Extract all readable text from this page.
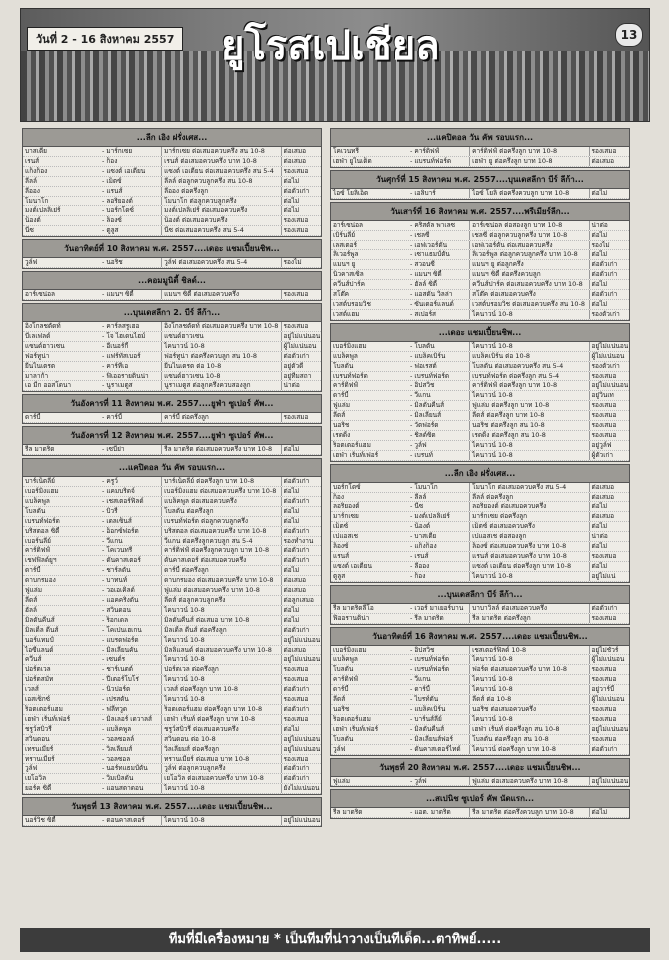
วันที่ 2 - 16 สิงหาคม 2557 ยูโรสเปเชียล	13
...ลีก เอิง ฝรั่งเศส...
บาสเตีย	- มาร์กเซย	มาร์กเซย ต่อเสมอควบครึ่ง สน 10-8	ต่อเสมอ
เรนส์	- ก็อง	เรนส์ ต่อเสมอควบครึ่ง บาท 10-8	ต่อเสมอ
แก็งก็อง	- แซงต์ เอเตียน	แซงต์ เอเตียน ต่อเสมอควบครึ่ง สน 5-4	รองเสมอ
ลีลล์	- เม็ตซ์	ลีลล์ ต่อลูกควบลูกครึ่ง สน 10-8	ต่อไม่
ลีออง	- แรนส์	ลีออง ต่อครึ่งลูก	ต่อตัวเก่า
โมนาโก	- ลอริยองต์	โมนาโก ต่อลูกควบลูกครึ่ง	ต่อไม่
มงต์เปลลิเย่ร์	- บอร์กโดซ์	มงต์เปลลิเย่ร์ ต่อเสมอควบครึ่ง	ต่อไม่
น็องต์	- ล็องซ์	น็องต์ ต่อเสมอควบครึ่ง	รองเสมอ
นีซ	- ตูลูส	นีซ ต่อเสมอควบครึ่ง สน 5-4	รองเสมอ
วันอาทิตย์ที่ 10 สิงหาคม พ.ศ. 2557....เดอะ แชมเปี้ยนชิพ...
วูล์ฟ	- นอริช	วูล์ฟ ต่อเสมอควบครึ่ง สน 5-4	รองไม่
...คอมมูนิตี้ ชิลด์...
อาร์เซน่อล	- แมนฯ ซิตี้	แมนฯ ซิตี้ ต่อเสมอควบครึ่ง	รองเสมอ
...บุนเดสลีกา 2. บีร์ ลีก้า...
อิงโกลชตัดท์	- คาร์ลสรูเฮอ	อิงโกลชตัดท์ ต่อเสมอควบครึ่ง บาท 10-8 รองเสมอ
บีเลเฟลด์	- โจ ไฮเดนไฮม์	แซนด์ฮาวเซน	อยู่ไม่แน่นอน
แซนด์ฮาวเซน	- อีเนอร์กี้	ไคนาวน์ 10-8	ผู้ไม่แน่นอน
ฟอร์ทูน่า	- แฟร์ทัสเบอร์	ฟอร์ทูน่า ต่อครึ่งควบลูก สน 10-8	ต่อตัวเก่า
ยีนไนเตรต	- คาร์ทีเอ	ยีนไนเตรต ต่อ 10-8	อยู่ตัวดี
มาลาก้า	- ฟิเออรายตินน่า	แซนด์ฮาวเซน 10-8	อยู่ทีมสถา
เอ มีก ออสโดนา	- นูราเมตูส	นูราเมตูส ต่อลูกครึ่งควบสองลูก	น่าต่อ
วันอังคารที่ 11 สิงหาคม พ.ศ. 2557....ยูฟ่า ซูเปอร์ คัพ...
ดาร์บี้	- คาร์บี้	คาร์บี้ ต่อครึ่งลูก	รองเสมอ
วันอังคารที่ 12 สิงหาคม พ.ศ. 2557....ยูฟ่า ซูเปอร์ คัพ...
รีล มาดริด	- เซบีย่า	รีล มาดริด ต่อเสมอควบครึ่ง บาท 10-8	ต่อไม่
...แคปิตอล วัน คัพ รอบแรก...
บาร์เน็ตลีย์	- ครูว์	บาร์เน็ตลีย์ ต่อครึ่งลูก บาท 10-8	ต่อตัวเก่า
เบอร์มิงแฮม	- แคมบริดจ์	เบอร์มิงแฮม ต่อเสมอควบครึ่ง บาท 10-8	ต่อไม่
แบล็คพูล	- เชสเตอร์ฟิลด์	แบล็คพูล ต่อเสมอควบครึ่ง	ต่อตัวเก่า
โบลตัน	- บิวรี่	โบลตัน ต่อครึ่งลูก	ต่อไม่
เบรนท์ฟอร์ด	- เดลเซ็นส์	เบรนท์ฟอร์ด ต่อลูกควบลูกครึ่ง	ต่อไม่
บริสตอล ซิตี้	- อ็อกซ์ฟอร์ด	บริสตอล ต่อเสมอควบครึ่ง บาท 10-8	ต่อตัวเก่า
เบอร์นลีย์	- วีแกน	วีแกน ต่อครึ่งลูกควบลูก สน 5-4	รองทำงาน
คาร์ดิฟฟ์	- โคเวนทรี	คาร์ดิฟฟ์ ต่อครึ่งลูกควบลูก บาท 10-8	ต่อตัวเก่า
เชฟฟิลด์ยูฯ	- ดันคาสเตอร์	ดันคาสเตอร์ ต่อเสมอควบครึ่ง	ต่อตัวเก่า
ดาร์บี้	- ชาร์ลตัน	ดาร์บี้ ต่อครึ่งลูก	ต่อไม่
ดาบกรมอง	- บาทนท์	ดาบกรมอง ต่อเสมอควบครึ่ง บาท 10-8	ต่อเสมอ
ฟูแล่ม	- วอเอเคิลด์	ฟูแล่ม ต่อเสมอควบครึ่ง บาท 10-8	ต่อเสมอ
ลีดส์	- แอคคริงตัน	ลีดส์ ต่อลูกควบลูกครึ่ง	ต่อลูกเสมอ
ฮัลล์	- สวินดอน	ไคนาวน์ 10-8	ต่อไม่
มิลตันคีนส์	- ร็อกเดล	มิลตันคีนส์ ต่อเสมอ บาท 10-8	ต่อไม่
มิลเดิ้ล ดีนส์	- โคเปนเฮเกน	มิลเดิ้ล ดีนส์ ต่อครึ่งลูก	ต่อตัวเก่า
นอร์แทมป์	- แบรดฟอร์ด	ไคนาวน์ 10-8	อยู่ไม่แน่นอน
ไอซีแลนด์	- มิลเลียนคัน	มิลลิแลนด์ ต่อเสมอควบครึ่ง บาท 10-8	ต่อเสมอ
ควีนส์	- เซนต์ร	ไคนาวน์ 10-8	อยู่ไม่แน่นอน
ปอร์ตเวล	- ชาร์เนตต์	ปอร์ตเวล ต่อครึ่งลูก	รองเสมอ
ปอร์ตสมัท	- ปีเตอร์โบโร่	ไคนาวน์ 10-8	รองเสมอ
เวลส์	- นิวปอร์ต	เวลส์ ต่อครึ่งลูก บาท 10-8	ต่อตัวเก่า
เอสเซ็กซ์	- เปรสตัน	ไคนาวน์ 10-8	รองเสมอ
ร็อตเตอร์แฮม	- ฟลีทวูด	ร็อตเตอร์แฮม ต่อครึ่งลูก บาท 10-8	ต่อตัวเก่า
เฮฟ่า เร้นท์เฟอร์	- มิลเลอร์ เดวาลส์	เฮฟ่า เร้นท์ ต่อครึ่งลูก บาท 10-8	รองเสมอ
ชรูว์สบิวรี่	- แบล็คพูล	ชรูว์สบิวรี่ ต่อเสมอควบครึ่ง	ต่อไม่
สวินดอน	- วอลซอลล์	สวินดอน ต่อ 10-8	อยู่ไม่แน่นอน
เทรนเมียร์	- วิลเลียมส์	วิลเลียมส์ ต่อครึ่งลูก	อยู่ไม่แน่นอน
ทรานเมียร์	- วอลซอล	ทรานเมียร์ ต่อเสมอ บาท 10-8	รองเสมอ
วูล์ฟ	- นอร์ทแธมป์ตัน	วูล์ฟ ต่อลูกควบลูกครึ่ง	ต่อตัวเก่า
เยโอวิล	- วิมเบิลดัน	เยโอวิล ต่อเสมอควบครึ่ง บาท 10-8	ต่อตัวเก่า
ยอร์ค ซิตี้	- แอนสตาดอน	ไคนาวน์ 10-8	ยังไม่แน่นอน
วันพุธที่ 13 สิงหาคม พ.ศ. 2557....เดอะ แชมเปี้ยนชิพ...
นอร์วิช ซิตี้	- ดอนคาสเตอร์	ไคนาวน์ 10-8	อยู่ไม่แน่นอน
...แคปิตอล วัน คัพ รอบแรก...
โคเวนทรี	- คาร์ดิฟฟ์	คาร์ดิฟฟ์ ต่อครึ่งลูก บาท 10-8	รองเสมอ
เฮฟ่า ยูไนเต็ด	- แบรนท์ฟอร์ด	เฮฟ่า ยู ต่อครึ่งลูก บาท 10-8	ต่อเสมอ
วันศุกร์ที่ 15 สิงหาคม พ.ศ. 2557....บุนเดสลีกา บีร์ ลีก้า...
ไอซ์ โยลิเอ็ด	- เอลิบาร์	ไอซ์ โยลิ ต่อครึ่งควบลูก บาท 10-8	ต่อไม่
วันเสาร์ที่ 16 สิงหาคม พ.ศ. 2557....พรีเมียร์ลีก...
อาร์เซน่อล	- คริสตัล พาเลซ	อาร์เซน่อล ต่อสองลูก บาท 10-8	น่าต่อ
เบิร์นลีย์	- เชลซี	เชลซี ต่อลูกควบลูกครึ่ง บาท 10-8	ต่อไม่
เลสเตอร์	- เอฟเวอร์ตัน	เอฟเวอร์ตัน ต่อเสมอควบครึ่ง	รองไม่
ลิเวอร์พูล	- เซาแธมป์ตัน	ลิเวอร์พูล ต่อลูกควบลูกครึ่ง บาท 10-8	ต่อไม่
แมนฯ ยู	- สวอนซี	แมนฯ ยู ต่อลูกครึ่ง	ต่อตัวเก่า
นิวคาสเซิล	- แมนฯ ซิตี้	แมนฯ ซิตี้ ต่อครึ่งควบลูก	ต่อตัวเก่า
ควีนส์ปาร์ค	- ฮัลล์ ซิตี้	ควีนส์ปาร์ค ต่อเสมอควบครึ่ง บาท 10-8	ต่อไม่
สโต๊ค	- แอสตัน วิลล่า	สโต๊ค ต่อเสมอควบครึ่ง	ต่อตัวเก่า
เวสต์บรอมวิช	- ซันเดอร์แลนด์	เวสต์บรอมวิช ต่อเสมอควบครึ่ง สน 10-8 ต่อไม่
เวสต์แฮม	- สเปอร์ส	ไคนาวน์ 10-8	รองตัวเก่า
...เดอะ แชมเปี้ยนชิพ...
เบอร์มิงแฮม	- โบลตัน	ไคนาวน์ 10-8	อยู่ไม่แน่นอน
แบล็คพูล	- แบล็คเบิร์น	แบล็คเบิร์น ต่อ 10-8	ผู้ไม่แน่นอน
โบลตัน	- ฟอเรสต์	โบลตัน ต่อเสมอควบครึ่ง สน 5-4	รองตัวเก่า
เบรนท์ฟอร์ด	- เบรนท์ฟอร์ด	เบรนท์ฟอร์ด ต่อครึ่งลูก สน 5-4	รองเสมอ
คาร์ดิฟฟ์	- อิปสวิช	คาร์ดิฟฟ์ ต่อครึ่งลูก บาท 10-8	อยู่ไม่แน่นอน
ดาร์บี้	- วีแกน	ไคนาวน์ 10-8	อยู่วินเท
ฟูแล่ม	- มิลตันคีนส์	ฟูแล่ม ต่อครึ่งลูก บาท 10-8	รองเสมอ
ลีดส์	- มิลเลียนส์	ลีดส์ ต่อครึ่งลูก บาท 10-8	รองเสมอ
นอริช	- วัตฟอร์ด	นอริช ต่อครึ่งลูก สน 10-8	รองเสมอ
เรดดิ้ง	- ชิลด์ซิด	เรดดิ้ง ต่อครึ่งลูก สน 10-8	รองเสมอ
ร็อตเตอร์แฮม	- วูล์ฟ	ไคนาวน์ 10-8	อยู่วูล์ฟ
เฮฟ่า เร้นท์เฟอร์	- เบรนท์	ไคนาวน์ 10-8	ผู้ตัวเก่า
...ลีก เอิง ฝรั่งเศส...
บอร์กโดซ์	- โมนาโก	โมนาโก ต่อเสมอควบครึ่ง สน 5-4	ต่อเสมอ
ก็อง	- ลีลล์	ลีลล์ ต่อครึ่งลูก	ต่อเสมอ
ลอริยองต์	- นีซ	ลอริยองต์ ต่อเสมอควบครึ่ง	ต่อไม่
มาร์กเซย	- มงต์เปลลิเย่ร์	มาร์กเซย ต่อครึ่งลูก	ต่อเสมอ
เม็ตซ์	- น็องต์	เม็ตซ์ ต่อเสมอควบครึ่ง	ต่อไม่
เปแอสเช	- บาสเตีย	เปแอสเช ต่อสองลูก	น่าต่อ
ล็องซ์	- แก็งก็อง	ล็องซ์ ต่อเสมอควบครึ่ง บาท 10-8	ต่อไม่
แรนส์	- เรนส์	แรนส์ ต่อเสมอควบครึ่ง บาท 10-8	รองเสมอ
แซงต์ เอเตียน	- ลีออง	แซงต์ เอเตียน ต่อครึ่งลูก บาท 10-8	ต่อไม่
ตูลูส	- ก็อง	ไคนาวน์ 10-8	อยู่ไม่แน่
...บุนเดสลีกา บีร์ ลีก้า...
รีล มาดริดลีโอ	- เวอร์ มาเยอร์บาน	บาบาวิลล์ ต่อเสมอควบครึ่ง	ต่อตัวเก่า
ฟิออรานติน่า	- รีล มาดริด	รีล มาดริด ต่อครึ่งลูก	รองเสมอ
วันอาทิตย์ที่ 16 สิงหาคม พ.ศ. 2557....เดอะ แชมเปี้ยนชิพ...
เบอร์มิงแฮม	- อิปสวิช	เชสเตอร์ฟิลด์ 10-8	อยู่ไม่ชัวร์
แบล็คพูล	- เบรนท์ฟอร์ด	ไคนาวน์ 10-8	ผู้ไม่แน่นอน
โบลตัน	- เบรนท์ฟอร์ด	ฟอร์ด ต่อเสมอควบครึ่ง บาท 10-8	รองเสมอ
คาร์ดิฟฟ์	- วีแกน	ไคนาวน์ 10-8	รองเสมอ
ดาร์บี้	- ดาร์บี้	ไคนาวน์ 10-8	อยู่วาร์บี้
ลีดส์	- ไบรท์ตัน	ลีดส์ ต่อ 10-8	ผู้ไม่แน่นอน
นอริช	- แบล็คเบิร์น	นอริช ต่อเสมอควบครึ่ง	รองเสมอ
ร็อตเตอร์แฮม	- บาร์นส์ลีย์	ไคนาวน์ 10-8	รองเสมอ
เฮฟ่า เร้นท์เฟอร์	- มิลตันคีนส์	เฮฟ่า เร้นท์ ต่อครึ่งลูก สน 10-8	อยู่ไม่แน่นอน
โบลตัน	- มิลเลียนส์ฟอร์	โบลตัน ต่อครึ่งลูก สน 10-8	รองเสมอ
วูล์ฟ	- ดันคาสเตอร์ไทด์	ไคนาวน์ ต่อครึ่งลูก บาท 10-8	ต่อตัวเก่า
วันพุธที่ 20 สิงหาคม พ.ศ. 2557....เดอะ แชมเปี้ยนชิพ...
ฟูแล่ม	- วูล์ฟ	ฟูแล่ม ต่อเสมอควบครึ่ง บาท 10-8	อยู่ไม่แน่นอน
...สเปนิช ซูเปอร์ คัพ นัดแรก...
รีล มาดริด	- แอต. มาดริด	รีล มาดริด ต่อครึ่งควบลูก บาท 10-8	ต่อไม่
ทีมที่มีเครื่องหมาย * เป็นทีมที่น่าวางเป็นทีเด็ด...ตาทิพย์.....
